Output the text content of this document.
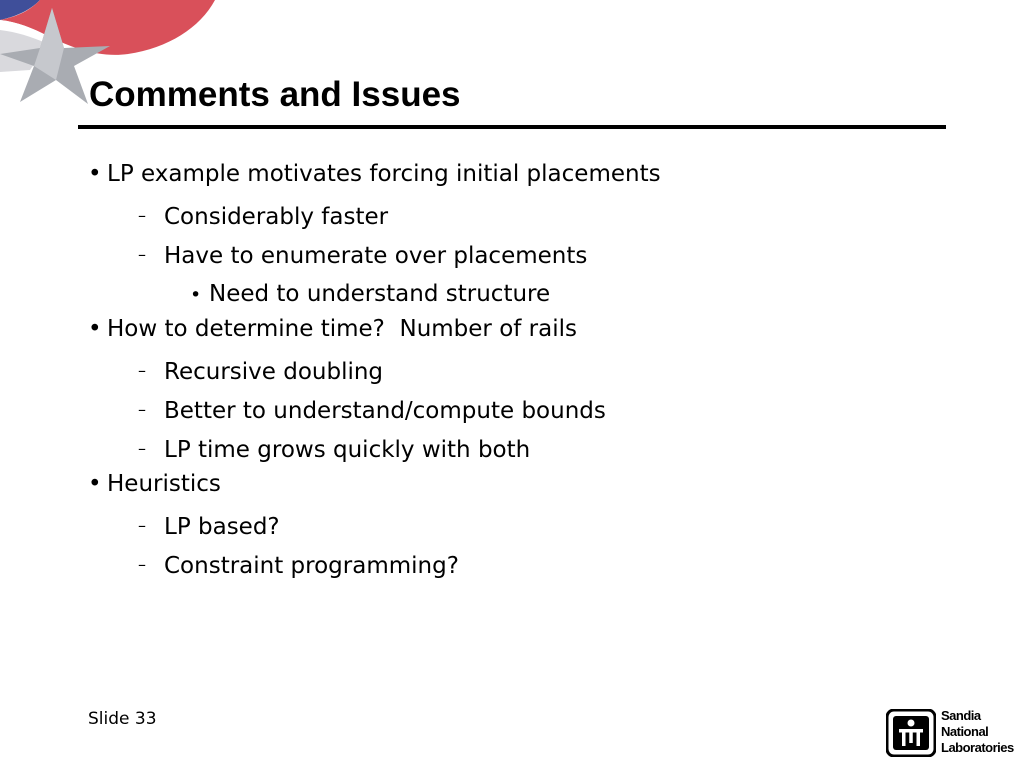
Comments and Issues
• LP example motivates forcing initial placements
– Considerably faster
– Have to enumerate over placements
• Need to understand structure
• How to determine time?  Number of rails
– Recursive doubling
– Better to understand/compute bounds
– LP time grows quickly with both
• Heuristics
– LP based?
– Constraint programming?
Slide 33	Sandia
National
Laboratories
